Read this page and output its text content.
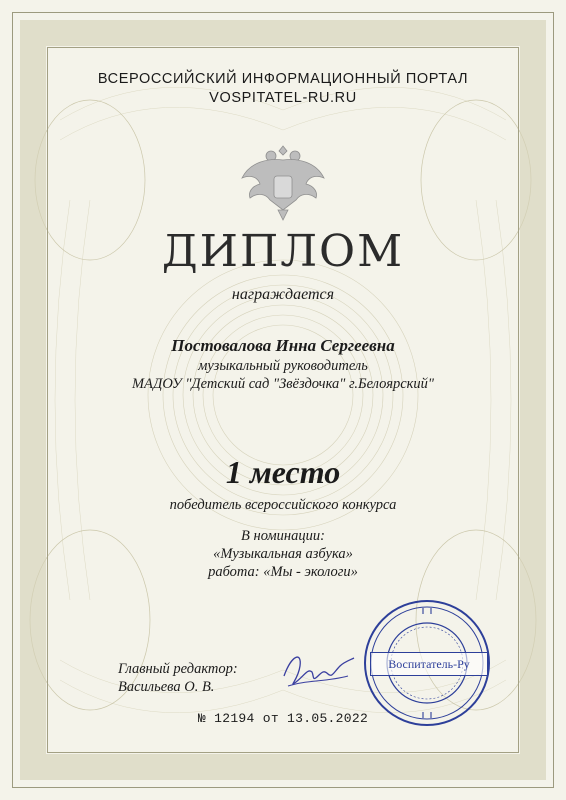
ВСЕРОССИЙСКИЙ ИНФОРМАЦИОННЫЙ ПОРТАЛ
VOSPITATEL-RU.RU

ДИПЛОМ

награждается

Постовалова Инна Сергеевна

музыкальный руководитель

МАДОУ "Детский сад "Звёздочка" г.Белоярский"

1 место

победитель всероссийского конкурса

В номинации:

«Музыкальная азбука»

работа: «Мы - экологи»

Главный редактор:
Васильева О. В.
Воспитатель-Ру

№ 12194 от 13.05.2022
